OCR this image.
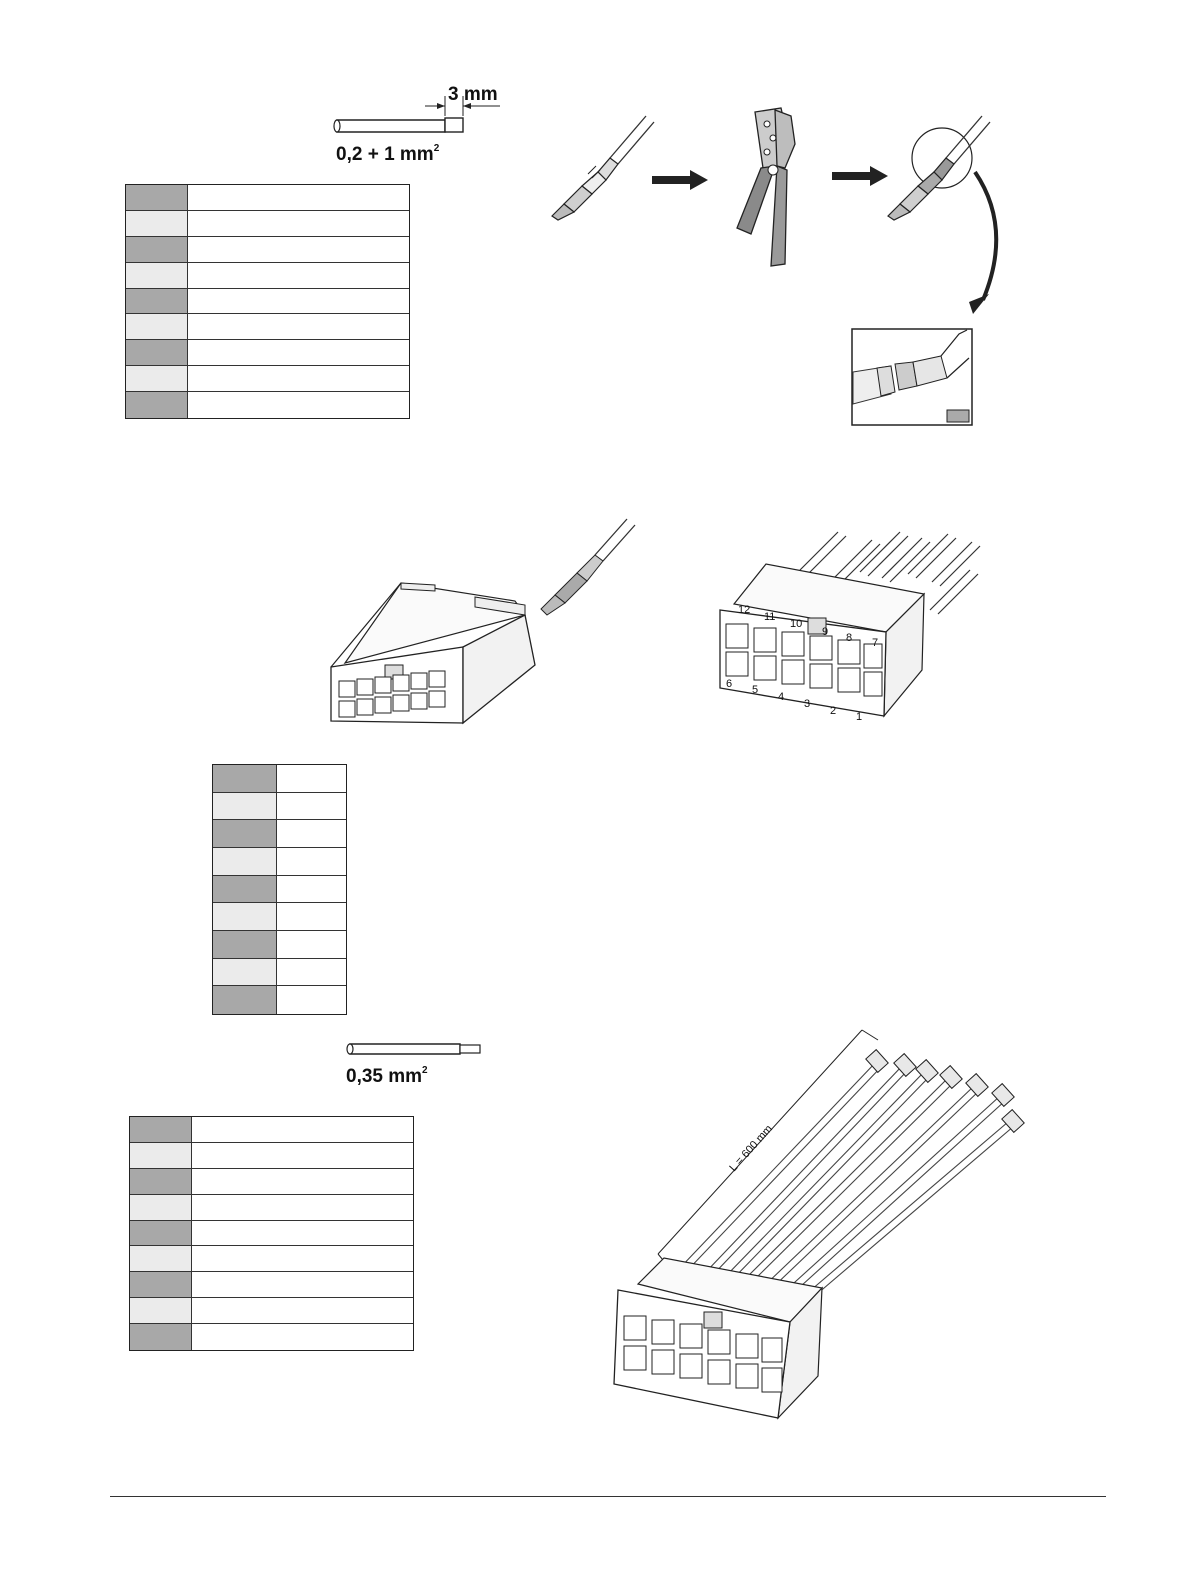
3 mm
0,2 + 1 $mm^2$
12
11
10
9 8 7
6 5
4
3
2 1
0,35 $mm^2$
L = 600 mm
